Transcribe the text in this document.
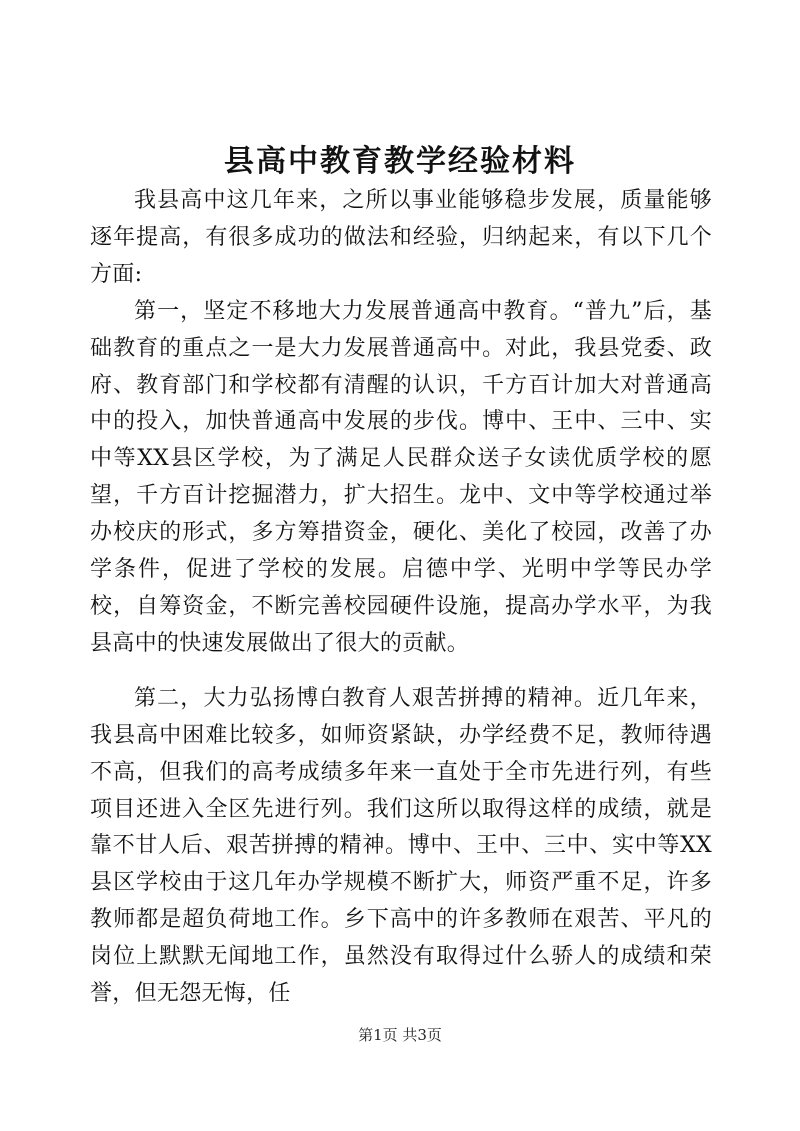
县高中教育教学经验材料

我县高中这几年来，之所以事业能够稳步发展，质量能够逐年提高，有很多成功的做法和经验，归纳起来，有以下几个方面:

第一，坚定不移地大力发展普通高中教育。“普九”后，基础教育的重点之一是大力发展普通高中。对此，我县党委、政府、教育部门和学校都有清醒的认识，千方百计加大对普通高中的投入，加快普通高中发展的步伐。博中、王中、三中、实中等XX县区学校，为了满足人民群众送子女读优质学校的愿望，千方百计挖掘潜力，扩大招生。龙中、文中等学校通过举办校庆的形式，多方筹措资金，硬化、美化了校园，改善了办学条件，促进了学校的发展。启德中学、光明中学等民办学校，自筹资金，不断完善校园硬件设施，提高办学水平，为我县高中的快速发展做出了很大的贡献。

第二，大力弘扬博白教育人艰苦拼搏的精神。近几年来，我县高中困难比较多，如师资紧缺，办学经费不足，教师待遇不高，但我们的高考成绩多年来一直处于全市先进行列，有些项目还进入全区先进行列。我们这所以取得这样的成绩，就是靠不甘人后、艰苦拼搏的精神。博中、王中、三中、实中等XX县区学校由于这几年办学规模不断扩大，师资严重不足，许多教师都是超负荷地工作。乡下高中的许多教师在艰苦、平凡的岗位上默默无闻地工作，虽然没有取得过什么骄人的成绩和荣誉，但无怨无悔，任

第1页 共3页
